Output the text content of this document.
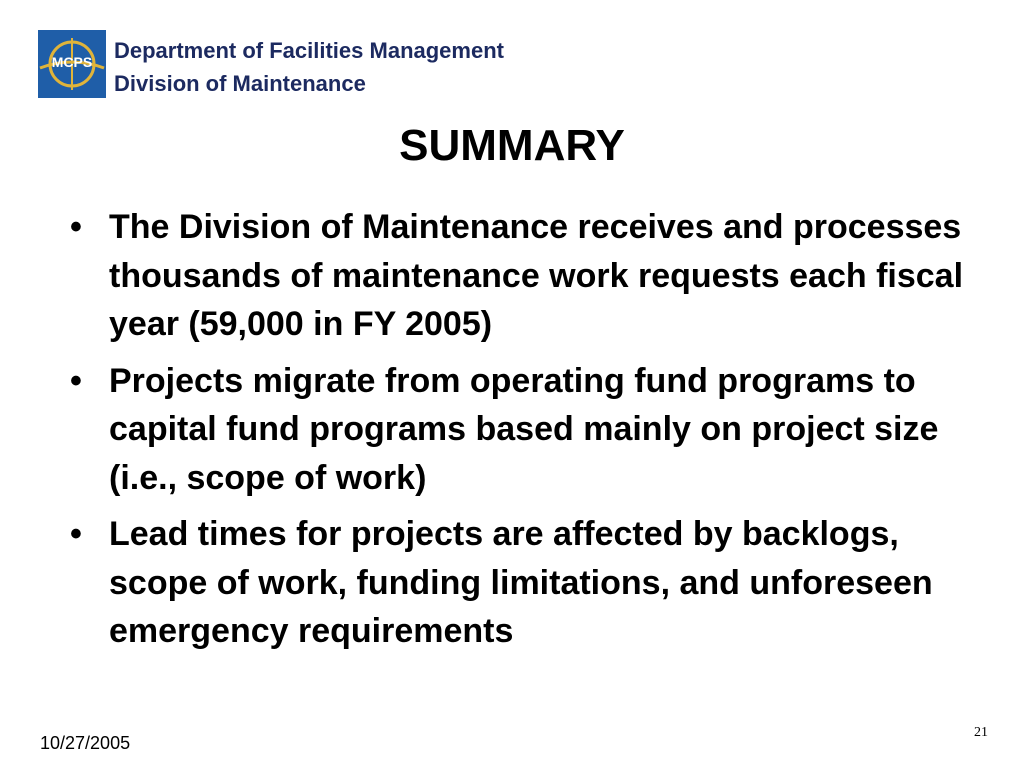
MCPS Department of Facilities Management
Division of Maintenance
SUMMARY
• The Division of Maintenance receives and processes thousands of maintenance work requests each fiscal year (59,000 in FY 2005)
• Projects migrate from operating fund programs to capital fund programs based mainly on project size (i.e., scope of work)
• Lead times for projects are affected by backlogs, scope of work, funding limitations, and unforeseen emergency requirements
10/27/2005
21
